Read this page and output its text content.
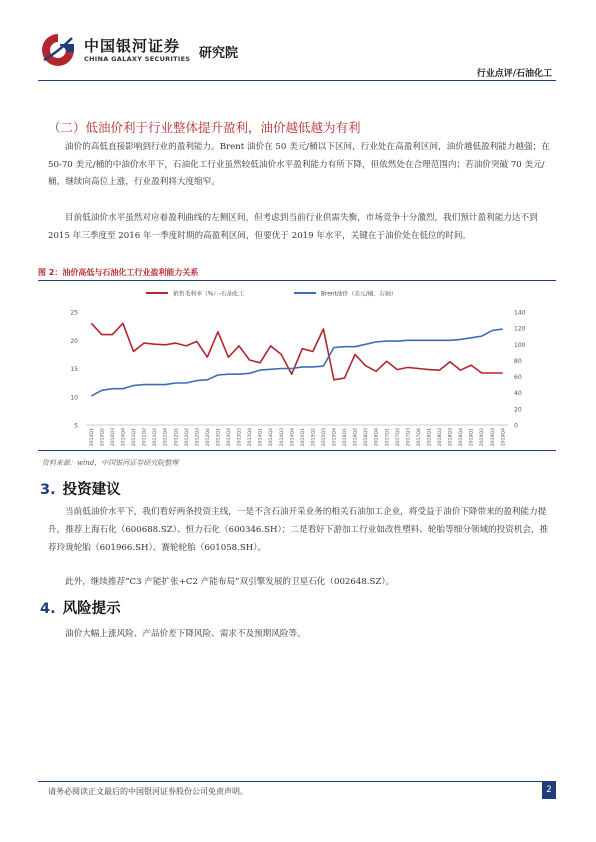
中国银河证券
CHINA GALAXY SECURITIES 研究院
行业点评/石油化工
（二）低油价利于行业整体提升盈利，油价越低越为有利
油价的高低直接影响到行业的盈利能力。Brent 油价在 50 美元/桶以下区间，行业处在高盈利区间，油价越低盈利能力越强；在 50-70 美元/桶的中油价水平下，石油化工行业虽然较低油价水平盈利能力有所下降，但依然处在合理范围内；若油价突破 70 美元/桶，继续向高位上涨，行业盈利将大度缩窄。
目前低油价水平虽然对应着盈利曲线的左侧区间，但考虑到当前行业供需失衡，市场竞争十分激烈，我们预计盈利能力达不到 2015 年三季度至 2016 年一季度时期的高盈利区间，但要优于 2019 年水平，关键在于油价处在低位的时间。
图 2：油价高低与石油化工行业盈利能力关系
销售毛利率（%）-石油化工	Brent油价（美元/桶，右轴）
5
10
15
20
25
0
20
40
60
80
100
120
140
2010Q1 2010Q2 2010Q3 2010Q4 2011Q1 2011Q2 2011Q3 2011Q4 2012Q1 2012Q2 2012Q3 2012Q4 2013Q1 2013Q2 2013Q3 2013Q4 2014Q1 2014Q2 2014Q3 2014Q4 2015Q1 2015Q2 2015Q3 2015Q4 2016Q1 2016Q2 2016Q3 2016Q4 2017Q1 2017Q2 2017Q3 2017Q4 2018Q1 2018Q2 2018Q3 2018Q4 2019Q1 2019Q2 2019Q3 2019Q4
资料来源：wind，中国银河证券研究院整理
3. 投资建议
当前低油价水平下，我们看好两条投资主线，一是不含石油开采业务的相关石油加工企业，将受益于油价下降带来的盈利能力提升，推荐上海石化（600688.SZ）、恒力石化（600346.SH）；二是看好下游加工行业如改性塑料、轮胎等细分领域的投资机会，推荐玲珑轮胎（601966.SH）、赛轮轮胎（601058.SH）。
此外，继续推荐“C3 产能扩张+C2 产能布局”双引擎发展的卫星石化（002648.SZ）。
4. 风险提示
油价大幅上涨风险、产品价差下降风险、需求不及预期风险等。
请务必阅读正文最后的中国银河证券股份公司免责声明。	2
